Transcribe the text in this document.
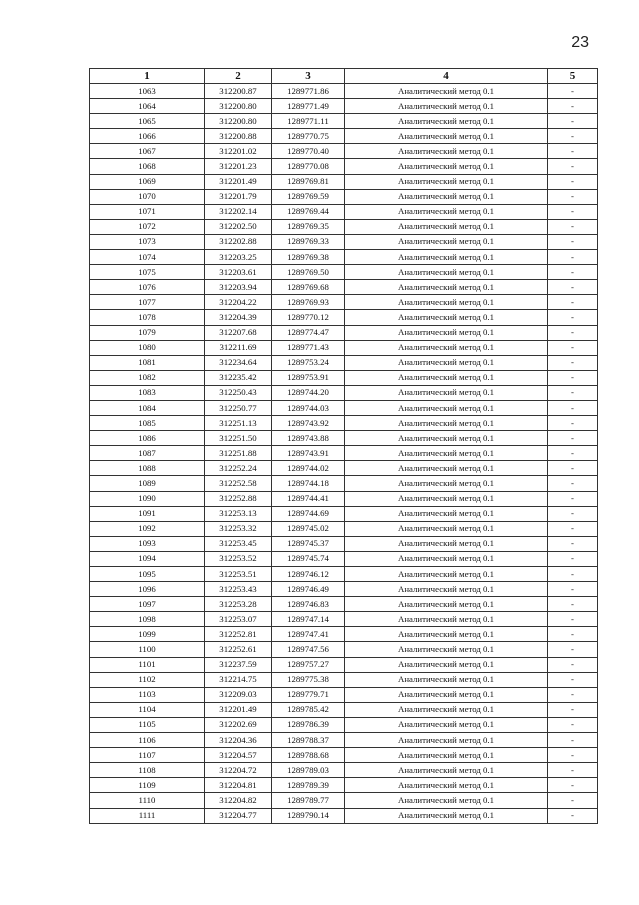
23
1	2	3	4	5
1063	312200.87	1289771.86	Аналитический метод 0.1	-
1064	312200.80	1289771.49	Аналитический метод 0.1	-
1065	312200.80	1289771.11	Аналитический метод 0.1	-
1066	312200.88	1289770.75	Аналитический метод 0.1	-
1067	312201.02	1289770.40	Аналитический метод 0.1	-
1068	312201.23	1289770.08	Аналитический метод 0.1	-
1069	312201.49	1289769.81	Аналитический метод 0.1	-
1070	312201.79	1289769.59	Аналитический метод 0.1	-
1071	312202.14	1289769.44	Аналитический метод 0.1	-
1072	312202.50	1289769.35	Аналитический метод 0.1	-
1073	312202.88	1289769.33	Аналитический метод 0.1	-
1074	312203.25	1289769.38	Аналитический метод 0.1	-
1075	312203.61	1289769.50	Аналитический метод 0.1	-
1076	312203.94	1289769.68	Аналитический метод 0.1	-
1077	312204.22	1289769.93	Аналитический метод 0.1	-
1078	312204.39	1289770.12	Аналитический метод 0.1	-
1079	312207.68	1289774.47	Аналитический метод 0.1	-
1080	312211.69	1289771.43	Аналитический метод 0.1	-
1081	312234.64	1289753.24	Аналитический метод 0.1	-
1082	312235.42	1289753.91	Аналитический метод 0.1	-
1083	312250.43	1289744.20	Аналитический метод 0.1	-
1084	312250.77	1289744.03	Аналитический метод 0.1	-
1085	312251.13	1289743.92	Аналитический метод 0.1	-
1086	312251.50	1289743.88	Аналитический метод 0.1	-
1087	312251.88	1289743.91	Аналитический метод 0.1	-
1088	312252.24	1289744.02	Аналитический метод 0.1	-
1089	312252.58	1289744.18	Аналитический метод 0.1	-
1090	312252.88	1289744.41	Аналитический метод 0.1	-
1091	312253.13	1289744.69	Аналитический метод 0.1	-
1092	312253.32	1289745.02	Аналитический метод 0.1	-
1093	312253.45	1289745.37	Аналитический метод 0.1	-
1094	312253.52	1289745.74	Аналитический метод 0.1	-
1095	312253.51	1289746.12	Аналитический метод 0.1	-
1096	312253.43	1289746.49	Аналитический метод 0.1	-
1097	312253.28	1289746.83	Аналитический метод 0.1	-
1098	312253.07	1289747.14	Аналитический метод 0.1	-
1099	312252.81	1289747.41	Аналитический метод 0.1	-
1100	312252.61	1289747.56	Аналитический метод 0.1	-
1101	312237.59	1289757.27	Аналитический метод 0.1	-
1102	312214.75	1289775.38	Аналитический метод 0.1	-
1103	312209.03	1289779.71	Аналитический метод 0.1	-
1104	312201.49	1289785.42	Аналитический метод 0.1	-
1105	312202.69	1289786.39	Аналитический метод 0.1	-
1106	312204.36	1289788.37	Аналитический метод 0.1	-
1107	312204.57	1289788.68	Аналитический метод 0.1	-
1108	312204.72	1289789.03	Аналитический метод 0.1	-
1109	312204.81	1289789.39	Аналитический метод 0.1	-
1110	312204.82	1289789.77	Аналитический метод 0.1	-
1111	312204.77	1289790.14	Аналитический метод 0.1	-
